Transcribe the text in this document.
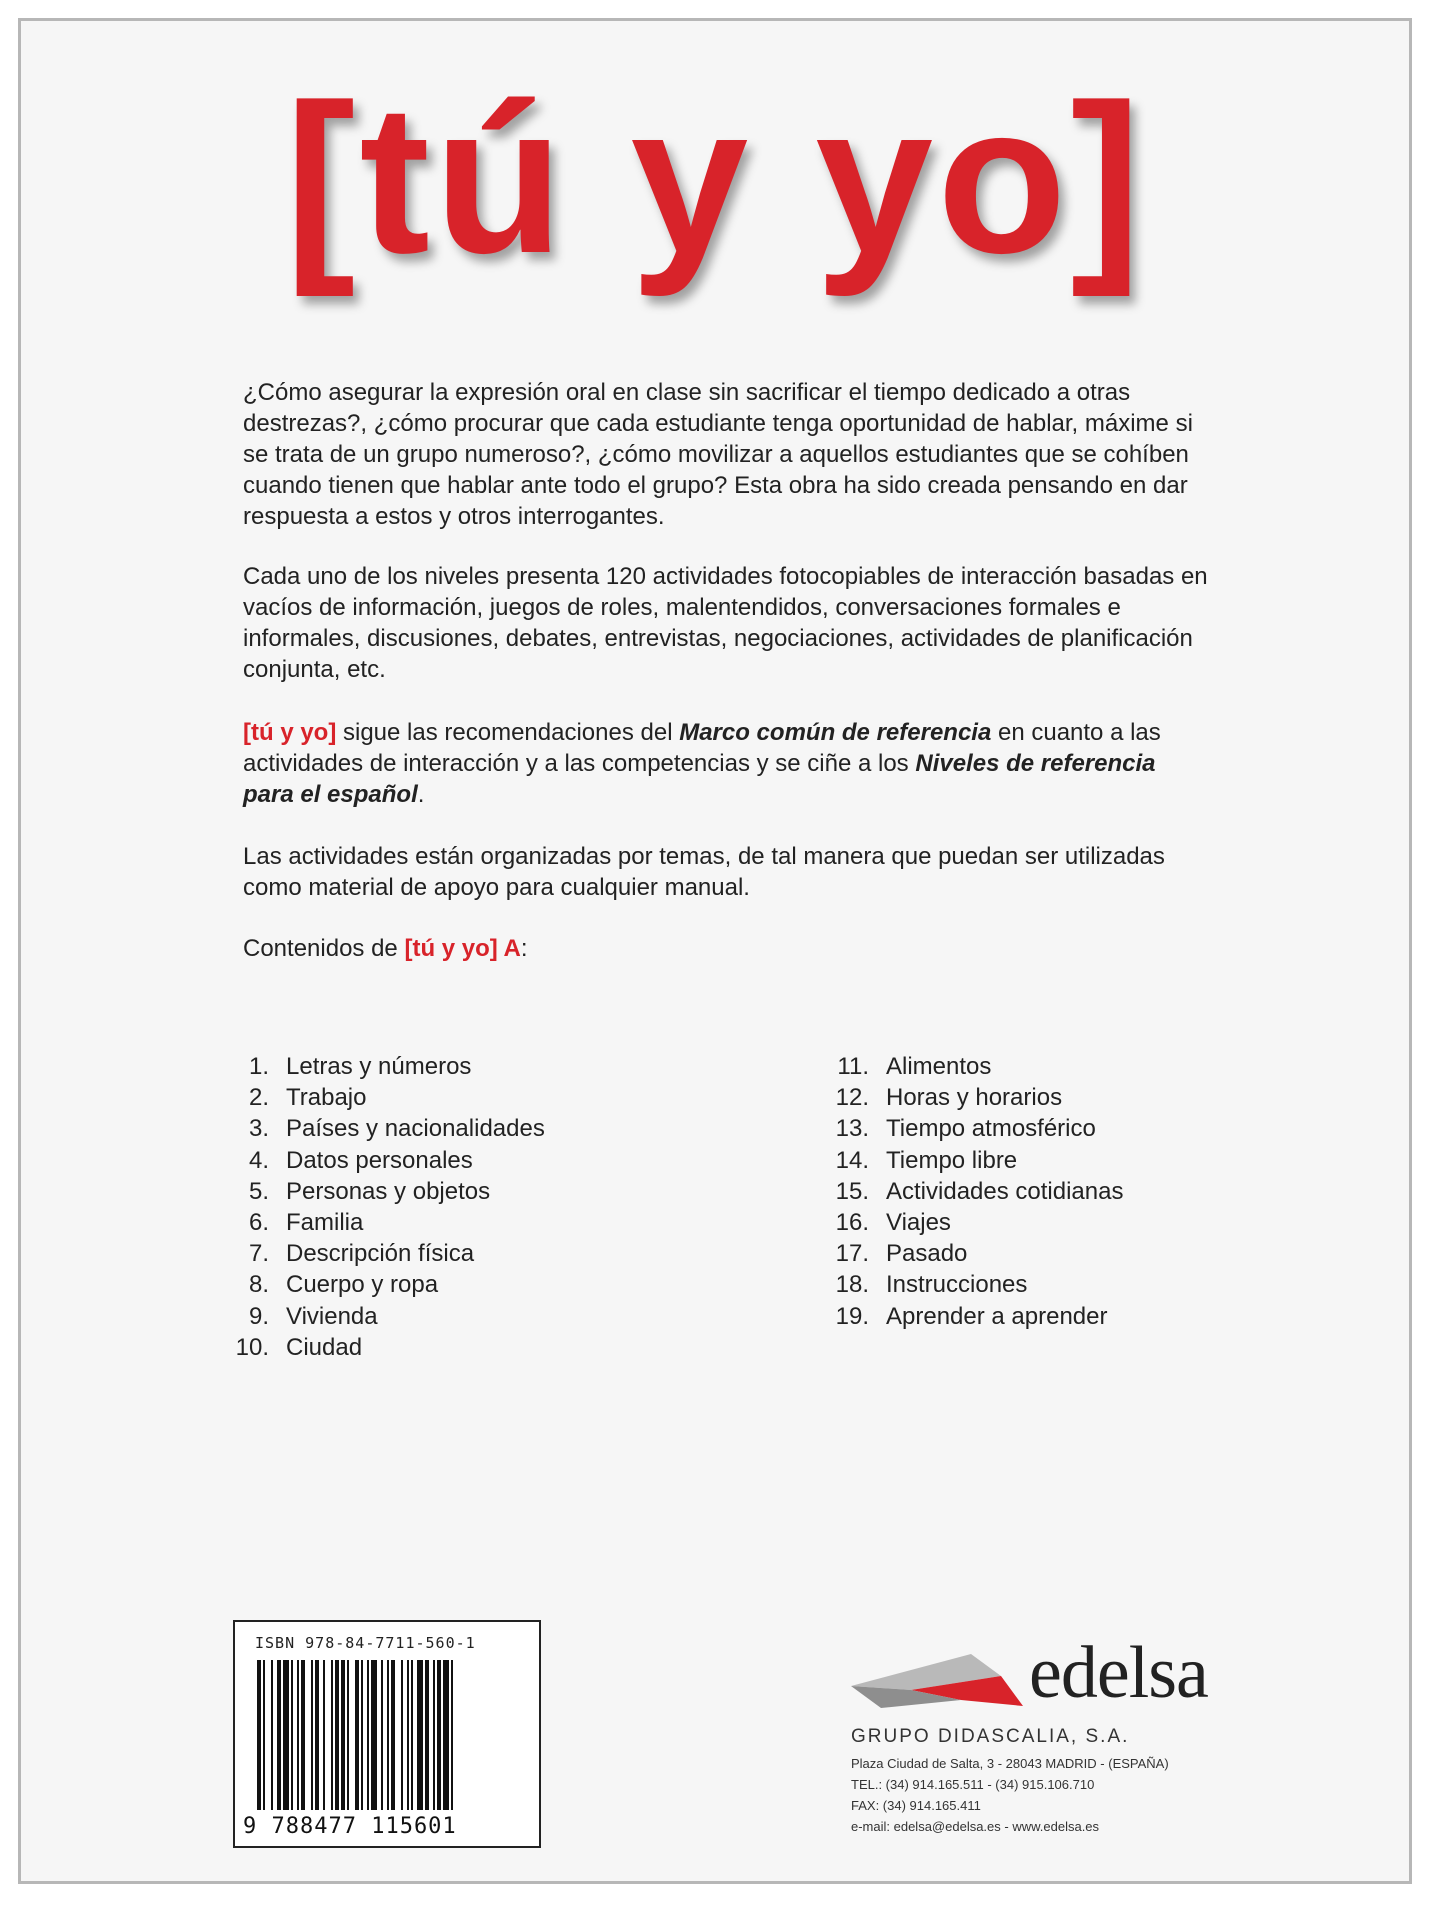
[tú y yo]

¿Cómo asegurar la expresión oral en clase sin sacrificar el tiempo dedicado a otras destrezas?, ¿cómo procurar que cada estudiante tenga oportunidad de hablar, máxime si se trata de un grupo numeroso?, ¿cómo movilizar a aquellos estudiantes que se cohíben cuando tienen que hablar ante todo el grupo? Esta obra ha sido creada pensando en dar respuesta a estos y otros interrogantes.

Cada uno de los niveles presenta 120 actividades fotocopiables de interacción basadas en vacíos de información, juegos de roles, malentendidos, conversaciones formales e informales, discusiones, debates, entrevistas, negociaciones, actividades de planificación conjunta, etc.

[tú y yo] sigue las recomendaciones del Marco común de referencia en cuanto a las actividades de interacción y a las competencias y se ciñe a los Niveles de referencia para el español.

Las actividades están organizadas por temas, de tal manera que puedan ser utilizadas como material de apoyo para cualquier manual.

Contenidos de [tú y yo] A:

1. Letras y números
2. Trabajo
3. Países y nacionalidades
4. Datos personales
5. Personas y objetos
6. Familia
7. Descripción física
8. Cuerpo y ropa
9. Vivienda
10. Ciudad
11. Alimentos
12. Horas y horarios
13. Tiempo atmosférico
14. Tiempo libre
15. Actividades cotidianas
16. Viajes
17. Pasado
18. Instrucciones
19. Aprender a aprender
ISBN 978-84-7711-560-1
9 788477 115601
edelsa
GRUPO DIDASCALIA, S.A.
Plaza Ciudad de Salta, 3 - 28043 MADRID - (ESPAÑA)
TEL.: (34) 914.165.511 - (34) 915.106.710
FAX: (34) 914.165.411
e-mail: edelsa@edelsa.es - www.edelsa.es
